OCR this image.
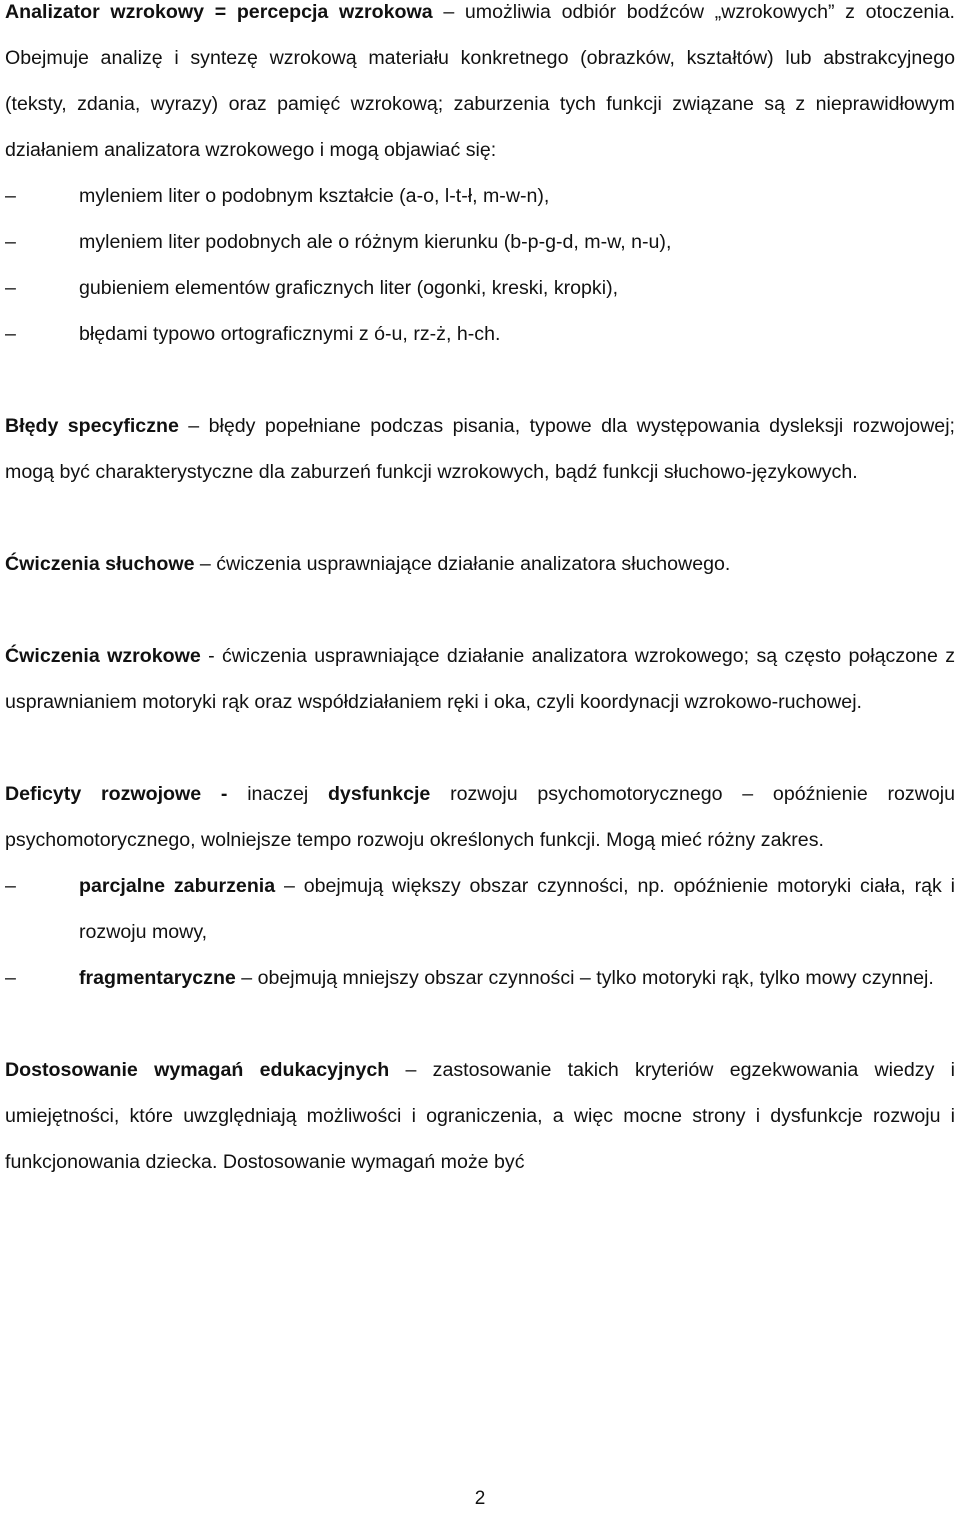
Analizator wzrokowy = percepcja wzrokowa – umożliwia odbiór bodźców „wzrokowych” z otoczenia. Obejmuje analizę i syntezę wzrokową materiału konkretnego (obrazków, kształtów) lub abstrakcyjnego (teksty, zdania, wyrazy) oraz pamięć wzrokową; zaburzenia tych funkcji związane są z nieprawidłowym działaniem analizatora wzrokowego i mogą objawiać się:

–	myleniem liter o podobnym kształcie (a-o, l-t-ł, m-w-n),
–	myleniem liter podobnych ale o różnym kierunku (b-p-g-d, m-w, n-u),
–	gubieniem elementów graficznych liter (ogonki, kreski, kropki),
–	błędami typowo ortograficznymi z ó-u, rz-ż, h-ch.

Błędy specyficzne – błędy popełniane podczas pisania, typowe dla występowania dysleksji rozwojowej; mogą być charakterystyczne dla zaburzeń funkcji wzrokowych, bądź funkcji słuchowo-językowych.

Ćwiczenia słuchowe – ćwiczenia usprawniające działanie analizatora słuchowego.

Ćwiczenia wzrokowe - ćwiczenia usprawniające działanie analizatora wzrokowego; są często połączone z usprawnianiem motoryki rąk oraz współdziałaniem ręki i oka, czyli koordynacji wzrokowo-ruchowej.

Deficyty rozwojowe - inaczej dysfunkcje rozwoju psychomotorycznego – opóźnienie rozwoju psychomotorycznego, wolniejsze tempo rozwoju określonych funkcji. Mogą mieć różny zakres.

–	parcjalne zaburzenia – obejmują większy obszar czynności, np. opóźnienie motoryki ciała, rąk i rozwoju mowy,
–	fragmentaryczne – obejmują mniejszy obszar czynności – tylko motoryki rąk, tylko mowy czynnej.

Dostosowanie wymagań edukacyjnych – zastosowanie takich kryteriów egzekwowania wiedzy i umiejętności, które uwzględniają możliwości i ograniczenia, a więc mocne strony i dysfunkcje rozwoju i funkcjonowania dziecka. Dostosowanie wymagań może być

2
